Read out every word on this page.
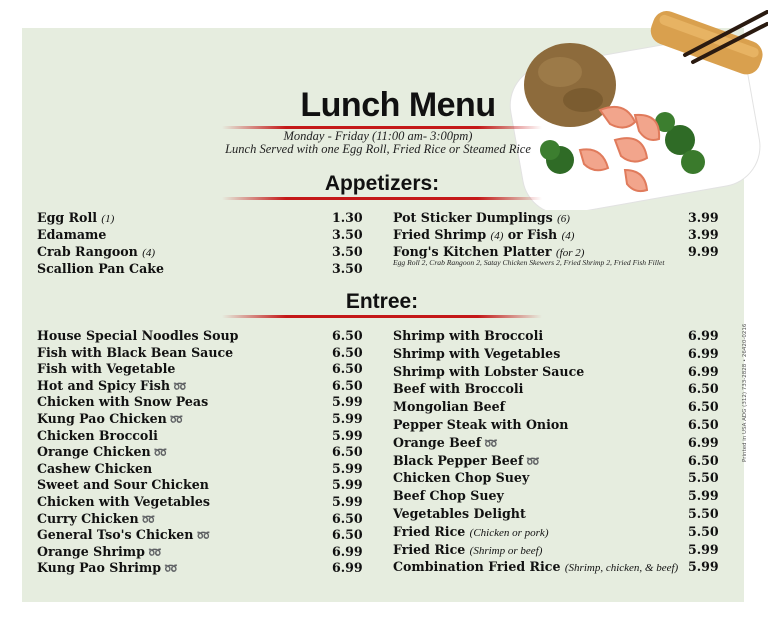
Lunch Menu
Monday - Friday (11:00 am- 3:00pm)
Lunch Served with one Egg Roll, Fried Rice or Steamed Rice
Appetizers:
Egg Roll (1)	1.30
Edamame	3.50
Crab Rangoon (4)	3.50
Scallion Pan Cake	3.50
Pot Sticker Dumplings (6)	3.99
Fried Shrimp (4) or Fish (4)	3.99
Fong's Kitchen Platter (for 2)	9.99
Egg Roll 2, Crab Rangoon 2, Satay Chicken Skewers 2, Fried Shrimp 2, Fried Fish Fillet
Entree:
House Special Noodles Soup	6.50
Fish with Black Bean Sauce	6.50
Fish with Vegetable	6.50
Hot and Spicy Fish ➿	6.50
Chicken with Snow Peas	5.99
Kung Pao Chicken ➿	5.99
Chicken Broccoli	5.99
Orange Chicken ➿	6.50
Cashew Chicken	5.99
Sweet and Sour Chicken	5.99
Chicken with Vegetables	5.99
Curry Chicken ➿	6.50
General Tso's Chicken ➿	6.50
Orange Shrimp ➿	6.99
Kung Pao Shrimp ➿	6.99
Shrimp with Broccoli	6.99
Shrimp with Vegetables	6.99
Shrimp with Lobster Sauce	6.99
Beef with Broccoli	6.50
Mongolian Beef	6.50
Pepper Steak with Onion	6.50
Orange Beef ➿	6.99
Black Pepper Beef ➿	6.50
Chicken Chop Suey	5.50
Beef Chop Suey	5.99
Vegetables Delight	5.50
Fried Rice (Chicken or pork)	5.50
Fried Rice (Shrimp or beef)	5.99
Combination Fried Rice (Shrimp, chicken, & beef) 5.99
Printed in USA ADG (312) 733-2828 • 26420-0216
